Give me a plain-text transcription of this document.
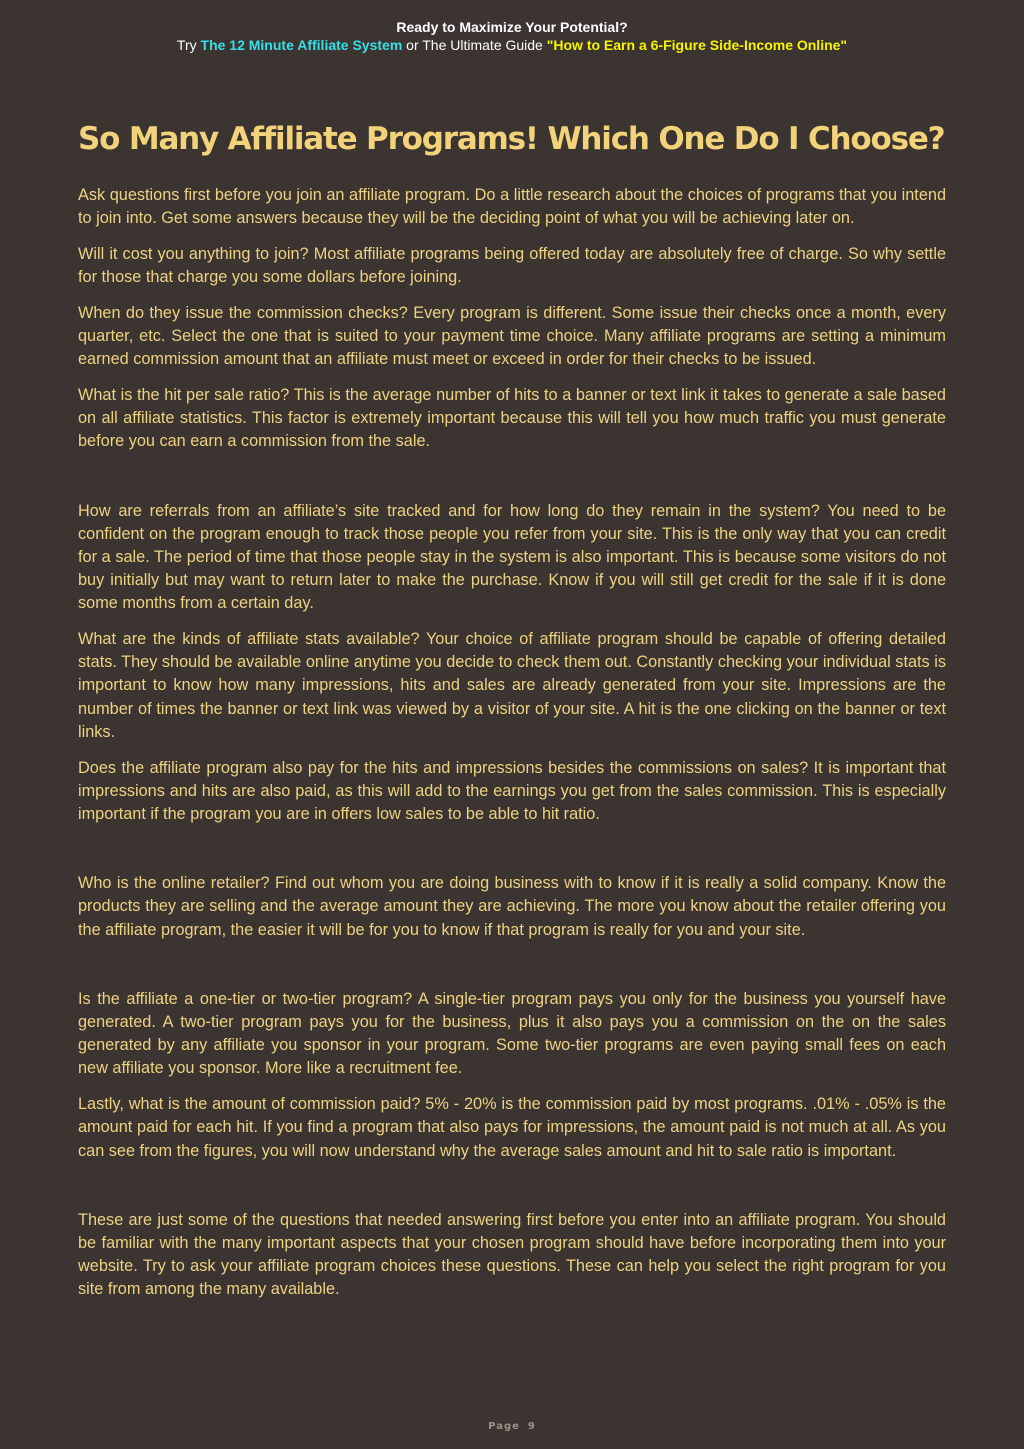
Ready to Maximize Your Potential?
Try The 12 Minute Affiliate System or The Ultimate Guide "How to Earn a 6-Figure Side-Income Online"
So Many Affiliate Programs! Which One Do I Choose?

Ask questions first before you join an affiliate program. Do a little research about the choices of programs that you intend to join into. Get some answers because they will be the deciding point of what you will be achieving later on.

Will it cost you anything to join? Most affiliate programs being offered today are absolutely free of charge. So why settle for those that charge you some dollars before joining.

When do they issue the commission checks? Every program is different. Some issue their checks once a month, every quarter, etc. Select the one that is suited to your payment time choice. Many affiliate programs are setting a minimum earned commission amount that an affiliate must meet or exceed in order for their checks to be issued.

What is the hit per sale ratio? This is the average number of hits to a banner or text link it takes to generate a sale based on all affiliate statistics. This factor is extremely important because this will tell you how much traffic you must generate before you can earn a commission from the sale.

How are referrals from an affiliate’s site tracked and for how long do they remain in the system? You need to be confident on the program enough to track those people you refer from your site. This is the only way that you can credit for a sale. The period of time that those people stay in the system is also important. This is because some visitors do not buy initially but may want to return later to make the purchase. Know if you will still get credit for the sale if it is done some months from a certain day.

What are the kinds of affiliate stats available? Your choice of affiliate program should be capable of offering detailed stats. They should be available online anytime you decide to check them out. Constantly checking your individual stats is important to know how many impressions, hits and sales are already generated from your site. Impressions are the number of times the banner or text link was viewed by a visitor of your site. A hit is the one clicking on the banner or text links.

Does the affiliate program also pay for the hits and impressions besides the commissions on sales? It is important that impressions and hits are also paid, as this will add to the earnings you get from the sales commission. This is especially important if the program you are in offers low sales to be able to hit ratio.

Who is the online retailer? Find out whom you are doing business with to know if it is really a solid company. Know the products they are selling and the average amount they are achieving. The more you know about the retailer offering you the affiliate program, the easier it will be for you to know if that program is really for you and your site.

Is the affiliate a one-tier or two-tier program? A single-tier program pays you only for the business you yourself have generated. A two-tier program pays you for the business, plus it also pays you a commission on the on the sales generated by any affiliate you sponsor in your program. Some two-tier programs are even paying small fees on each new affiliate you sponsor. More like a recruitment fee.

Lastly, what is the amount of commission paid? 5% - 20% is the commission paid by most programs. .01% - .05% is the amount paid for each hit. If you find a program that also pays for impressions, the amount paid is not much at all. As you can see from the figures, you will now understand why the average sales amount and hit to sale ratio is important.

These are just some of the questions that needed answering first before you enter into an affiliate program. You should be familiar with the many important aspects that your chosen program should have before incorporating them into your website. Try to ask your affiliate program choices these questions. These can help you select the right program for you site from among the many available.

Page 9
